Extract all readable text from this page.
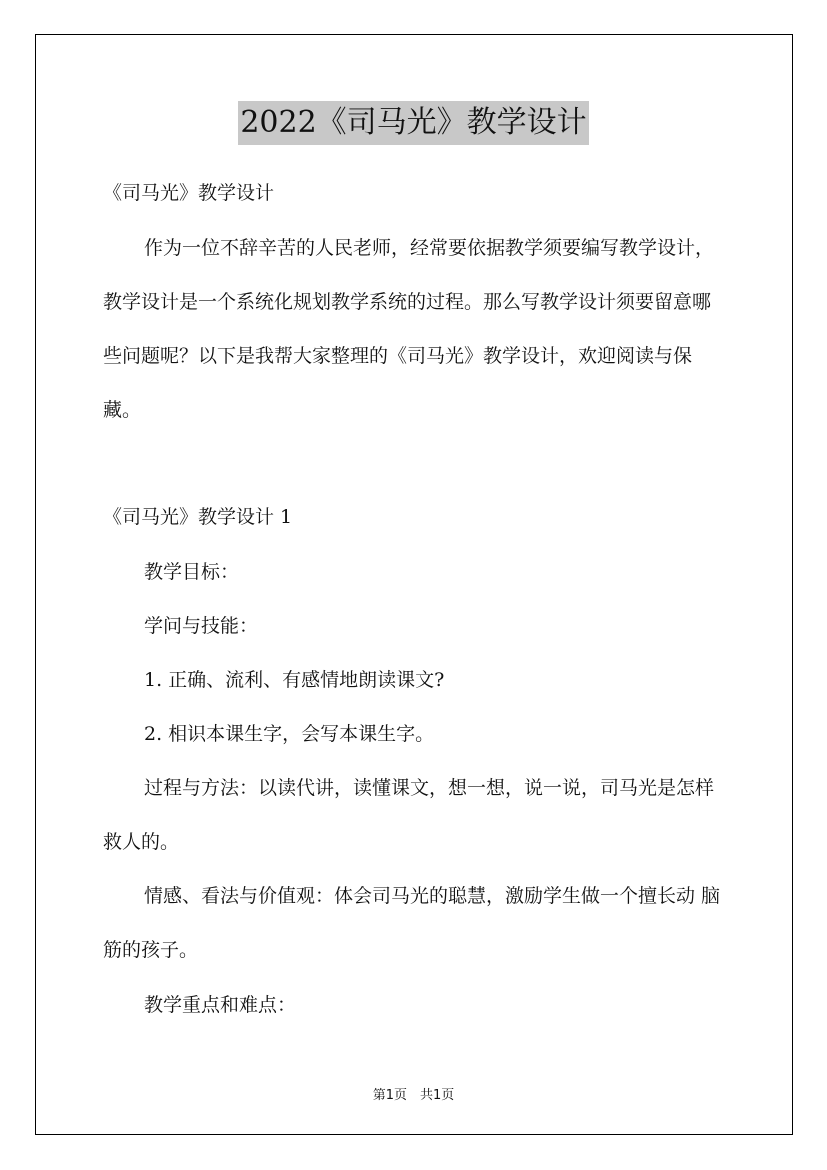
2022《司马光》教学设计

《司马光》教学设计

作为一位不辞辛苦的人民老师，经常要依据教学须要编写教学设计，教学设计是一个系统化规划教学系统的过程。那么写教学设计须要留意哪些问题呢？以下是我帮大家整理的《司马光》教学设计，欢迎阅读与保藏。

《司马光》教学设计 1

教学目标：

学问与技能：

1. 正确、流利、有感情地朗读课文?

2. 相识本课生字，会写本课生字。

过程与方法：以读代讲，读懂课文，想一想，说一说，司马光是怎样救人的。

情感、看法与价值观：体会司马光的聪慧，激励学生做一个擅长动 脑筋的孩子。

教学重点和难点：

第1页　共1页
